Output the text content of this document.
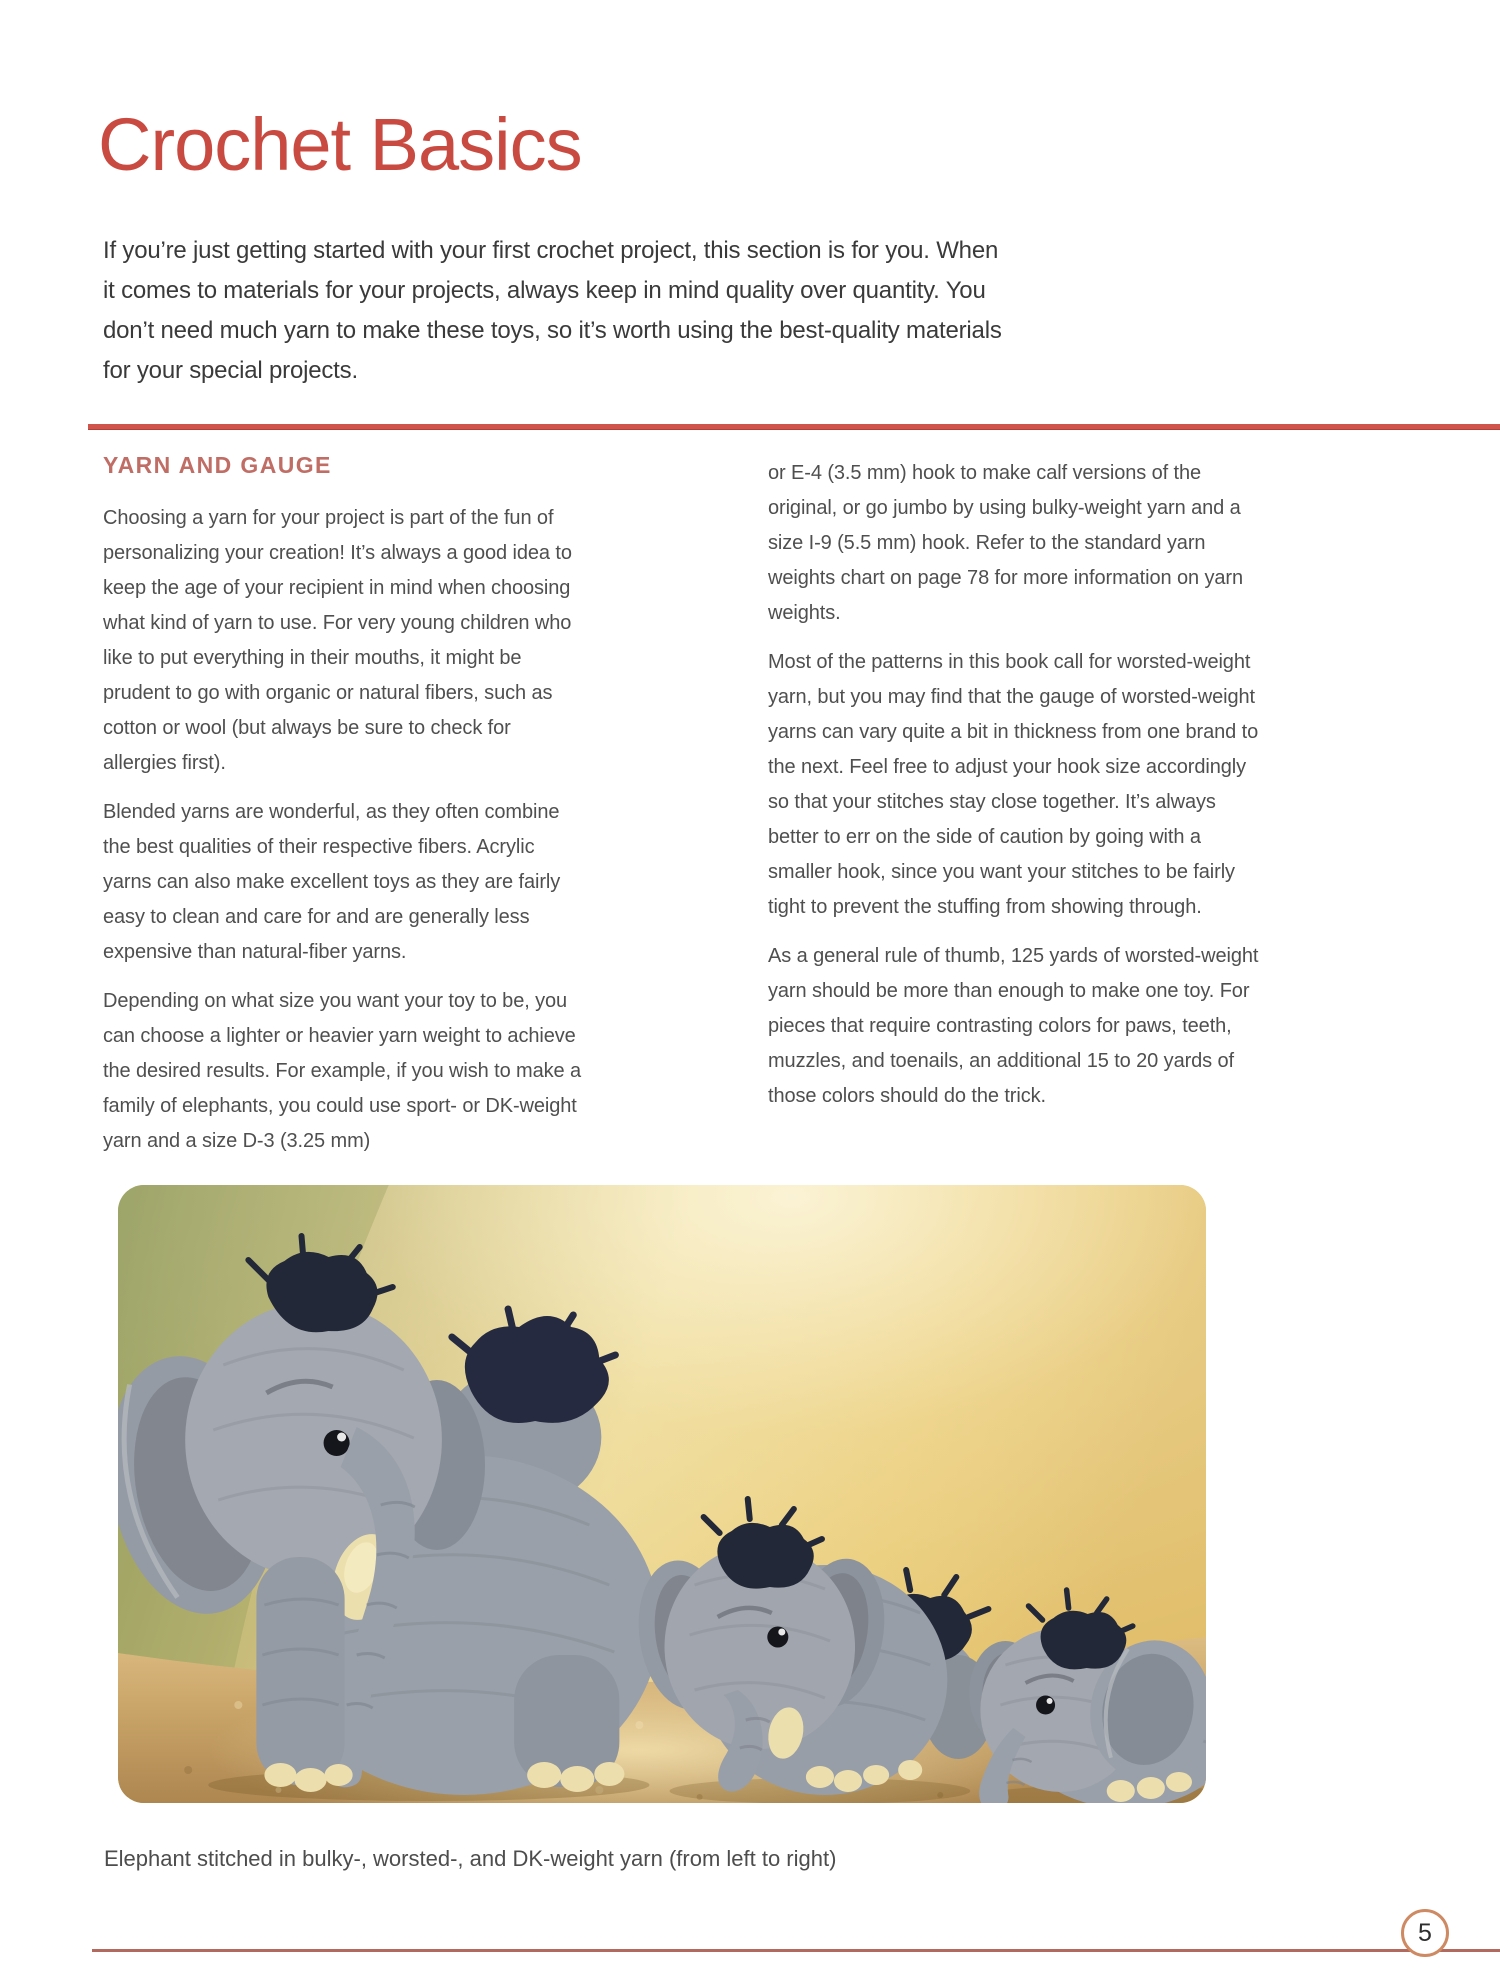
Crochet Basics

If you’re just getting started with your first crochet project, this section is for you. When it comes to materials for your projects, always keep in mind quality over quantity. You don’t need much yarn to make these toys, so it’s worth using the best-quality materials for your special projects.

YARN AND GAUGE

Choosing a yarn for your project is part of the fun of personalizing your creation! It’s always a good idea to keep the age of your recipient in mind when choosing what kind of yarn to use. For very young children who like to put everything in their mouths, it might be prudent to go with organic or natural fibers, such as cotton or wool (but always be sure to check for allergies first).

Blended yarns are wonderful, as they often combine the best qualities of their respective fibers. Acrylic yarns can also make excellent toys as they are fairly easy to clean and care for and are generally less expensive than natural-fiber yarns.

Depending on what size you want your toy to be, you can choose a lighter or heavier yarn weight to achieve the desired results. For example, if you wish to make a family of elephants, you could use sport- or DK-weight yarn and a size D-3 (3.25 mm)

or E-4 (3.5 mm) hook to make calf versions of the original, or go jumbo by using bulky-weight yarn and a size I-9 (5.5 mm) hook. Refer to the standard yarn weights chart on page 78 for more information on yarn weights.

Most of the patterns in this book call for worsted-weight yarn, but you may find that the gauge of worsted-weight yarns can vary quite a bit in thickness from one brand to the next. Feel free to adjust your hook size accordingly so that your stitches stay close together. It’s always better to err on the side of caution by going with a smaller hook, since you want your stitches to be fairly tight to prevent the stuffing from showing through.

As a general rule of thumb, 125 yards of worsted-weight yarn should be more than enough to make one toy. For pieces that require contrasting colors for paws, teeth, muzzles, and toenails, an additional 15 to 20 yards of those colors should do the trick.

Elephant stitched in bulky-, worsted-, and DK-weight yarn (from left to right)
5
